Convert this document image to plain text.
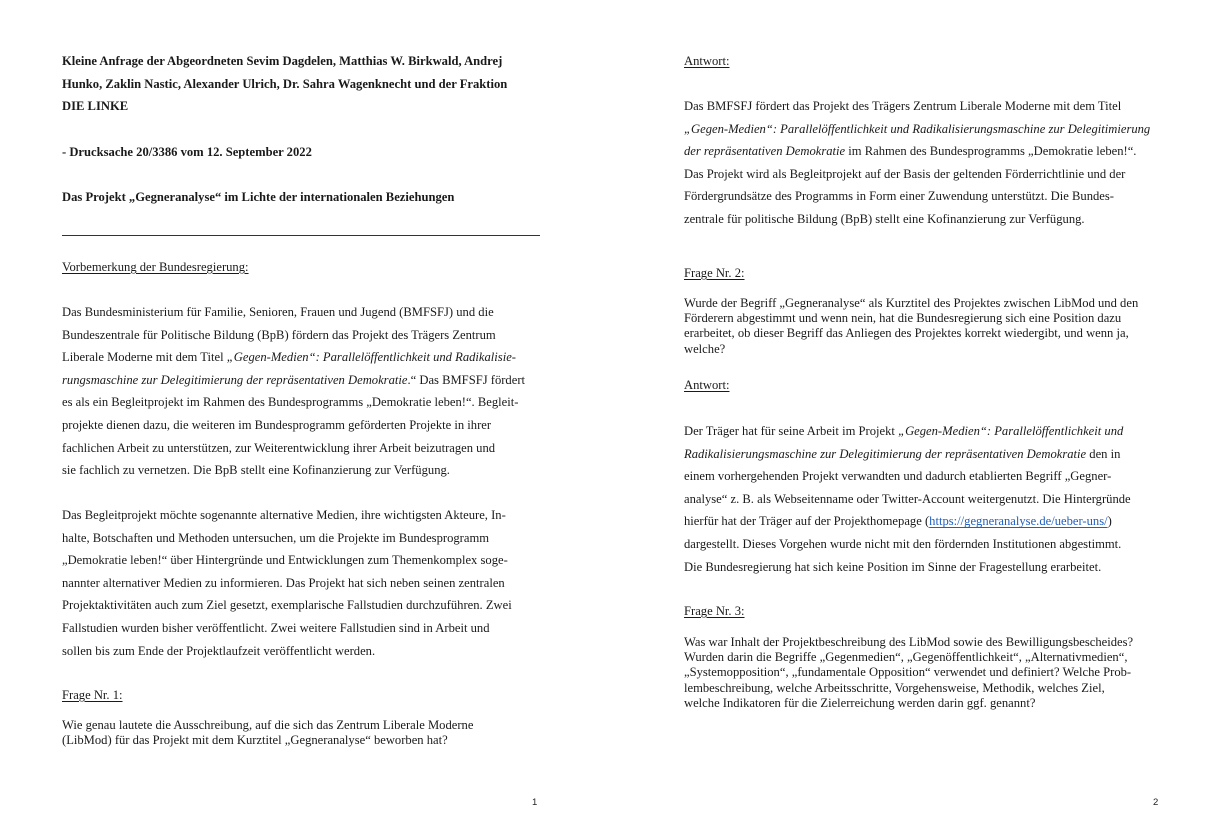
Kleine Anfrage der Abgeordneten Sevim Dagdelen, Matthias W. Birkwald, Andrej
Hunko, Zaklin Nastic, Alexander Ulrich, Dr. Sahra Wagenknecht und der Fraktion
DIE LINKE
- Drucksache 20/3386 vom 12. September 2022
Das Projekt „Gegneranalyse“ im Lichte der internationalen Beziehungen
Vorbemerkung der Bundesregierung:
Das Bundesministerium für Familie, Senioren, Frauen und Jugend (BMFSFJ) und die
Bundeszentrale für Politische Bildung (BpB) fördern das Projekt des Trägers Zentrum
Liberale Moderne mit dem Titel „Gegen-Medien“: Parallelöffentlichkeit und Radikalisie-
rungsmaschine zur Delegitimierung der repräsentativen Demokratie.“ Das BMFSFJ fördert
es als ein Begleitprojekt im Rahmen des Bundesprogramms „Demokratie leben!“. Begleit-
projekte dienen dazu, die weiteren im Bundesprogramm geförderten Projekte in ihrer
fachlichen Arbeit zu unterstützen, zur Weiterentwicklung ihrer Arbeit beizutragen und
sie fachlich zu vernetzen. Die BpB stellt eine Kofinanzierung zur Verfügung.
Das Begleitprojekt möchte sogenannte alternative Medien, ihre wichtigsten Akteure, In-
halte, Botschaften und Methoden untersuchen, um die Projekte im Bundesprogramm
„Demokratie leben!“ über Hintergründe und Entwicklungen zum Themenkomplex soge-
nannter alternativer Medien zu informieren. Das Projekt hat sich neben seinen zentralen
Projektaktivitäten auch zum Ziel gesetzt, exemplarische Fallstudien durchzuführen. Zwei
Fallstudien wurden bisher veröffentlicht. Zwei weitere Fallstudien sind in Arbeit und
sollen bis zum Ende der Projektlaufzeit veröffentlicht werden.
Frage Nr. 1:
Wie genau lautete die Ausschreibung, auf die sich das Zentrum Liberale Moderne
(LibMod) für das Projekt mit dem Kurztitel „Gegneranalyse“ beworben hat?
1
Antwort:
Das BMFSFJ fördert das Projekt des Trägers Zentrum Liberale Moderne mit dem Titel
„Gegen-Medien“: Parallelöffentlichkeit und Radikalisierungsmaschine zur Delegitimierung
der repräsentativen Demokratie im Rahmen des Bundesprogramms „Demokratie leben!“.
Das Projekt wird als Begleitprojekt auf der Basis der geltenden Förderrichtlinie und der
Fördergrundsätze des Programms in Form einer Zuwendung unterstützt. Die Bundes-
zentrale für politische Bildung (BpB) stellt eine Kofinanzierung zur Verfügung.
Frage Nr. 2:
Wurde der Begriff „Gegneranalyse“ als Kurztitel des Projektes zwischen LibMod und den
Förderern abgestimmt und wenn nein, hat die Bundesregierung sich eine Position dazu
erarbeitet, ob dieser Begriff das Anliegen des Projektes korrekt wiedergibt, und wenn ja,
welche?
Antwort:
Der Träger hat für seine Arbeit im Projekt „Gegen-Medien“: Parallelöffentlichkeit und
Radikalisierungsmaschine zur Delegitimierung der repräsentativen Demokratie den in
einem vorhergehenden Projekt verwandten und dadurch etablierten Begriff „Gegner-
analyse“ z. B. als Webseitenname oder Twitter-Account weitergenutzt. Die Hintergründe
hierfür hat der Träger auf der Projekthomepage (https://gegneranalyse.de/ueber-uns/)
dargestellt. Dieses Vorgehen wurde nicht mit den fördernden Institutionen abgestimmt.
Die Bundesregierung hat sich keine Position im Sinne der Fragestellung erarbeitet.
Frage Nr. 3:
Was war Inhalt der Projektbeschreibung des LibMod sowie des Bewilligungsbescheides?
Wurden darin die Begriffe „Gegenmedien“, „Gegenöffentlichkeit“, „Alternativmedien“,
„Systemopposition“, „fundamentale Opposition“ verwendet und definiert? Welche Prob-
lembeschreibung, welche Arbeitsschritte, Vorgehensweise, Methodik, welches Ziel,
welche Indikatoren für die Zielerreichung werden darin ggf. genannt?
2
